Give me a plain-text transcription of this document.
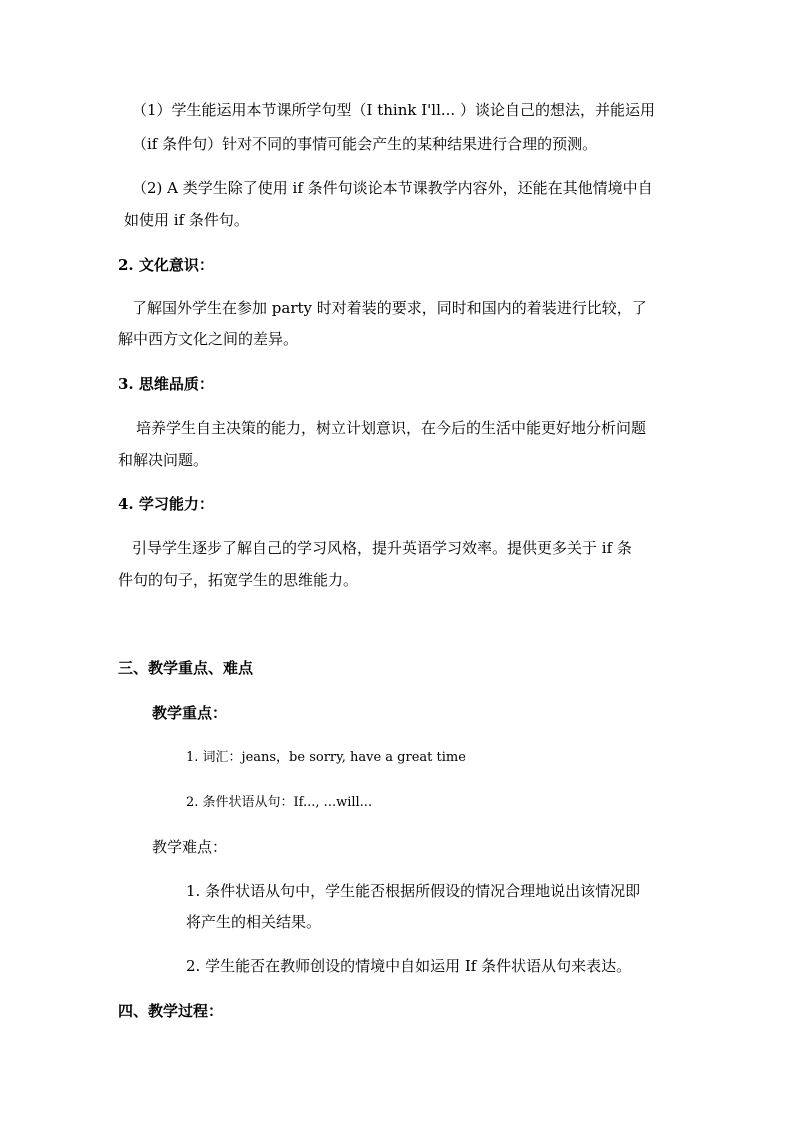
（1）学生能运用本节课所学句型（I think I'll... ）谈论自己的想法，并能运用
（if 条件句）针对不同的事情可能会产生的某种结果进行合理的预测。
（2) A 类学生除了使用 if 条件句谈论本节课教学内容外，还能在其他情境中自
如使用 if 条件句。
2. 文化意识：
了解国外学生在参加 party 时对着装的要求，同时和国内的着装进行比较，了
解中西方文化之间的差异。
3. 思维品质：
培养学生自主决策的能力，树立计划意识，在今后的生活中能更好地分析问题
和解决问题。
4. 学习能力：
引导学生逐步了解自己的学习风格，提升英语学习效率。提供更多关于 if 条
件句的句子，拓宽学生的思维能力。
三、教学重点、难点
教学重点：
1. 词汇：jeans，be sorry, have a great time
2. 条件状语从句：If..., ...will...
教学难点：
1. 条件状语从句中，学生能否根据所假设的情况合理地说出该情况即
将产生的相关结果。
2. 学生能否在教师创设的情境中自如运用 If 条件状语从句来表达。
四、教学过程：
